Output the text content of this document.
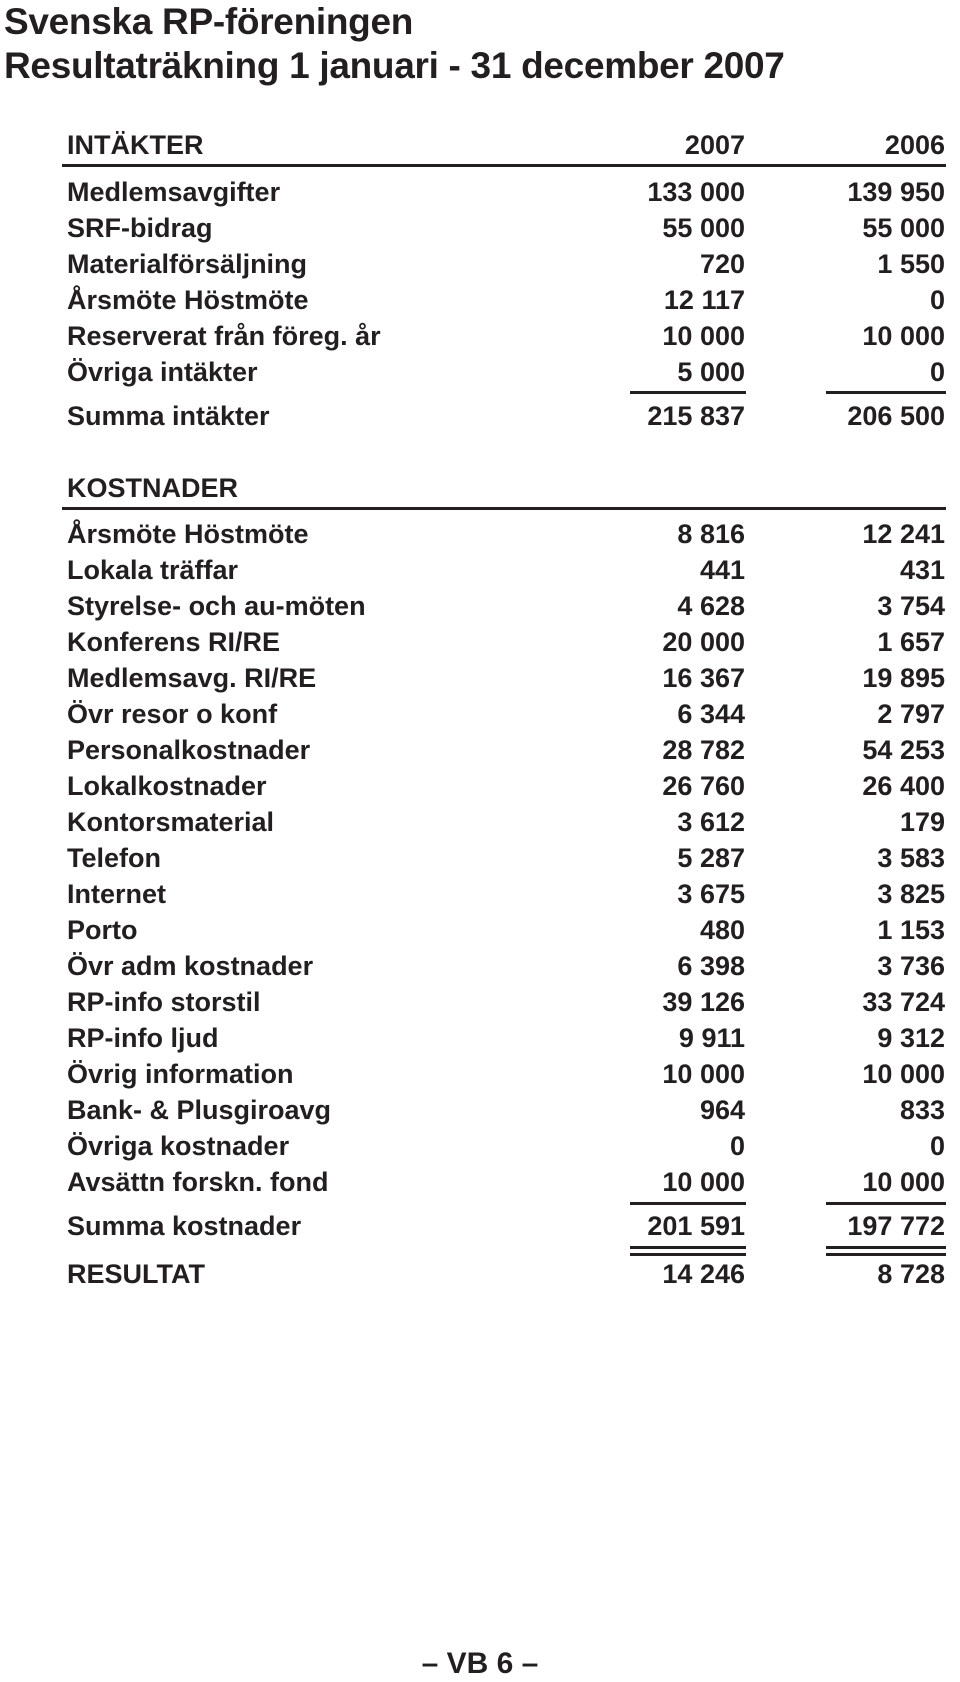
Svenska RP-föreningen
Resultaträkning 1 januari - 31 december 2007
INTÄKTER	2007	2006
Medlemsavgifter	133 000	139 950
SRF-bidrag	55 000	55 000
Materialförsäljning	720	1 550
Årsmöte Höstmöte	12 117	0
Reserverat från föreg. år	10 000	10 000
Övriga intäkter	5 000	0
Summa intäkter	215 837	206 500
KOSTNADER
Årsmöte Höstmöte	8 816	12 241
Lokala träffar	441	431
Styrelse- och au-möten	4 628	3 754
Konferens RI/RE	20 000	1 657
Medlemsavg. RI/RE	16 367	19 895
Övr resor o konf	6 344	2 797
Personalkostnader	28 782	54 253
Lokalkostnader	26 760	26 400
Kontorsmaterial	3 612	179
Telefon	5 287	3 583
Internet	3 675	3 825
Porto	480	1 153
Övr adm kostnader	6 398	3 736
RP-info storstil	39 126	33 724
RP-info ljud	9 911	9 312
Övrig information	10 000	10 000
Bank- & Plusgiroavg	964	833
Övriga kostnader	0	0
Avsättn forskn. fond	10 000	10 000
Summa kostnader	201 591	197 772
RESULTAT	14 246	8 728
– VB 6 –
